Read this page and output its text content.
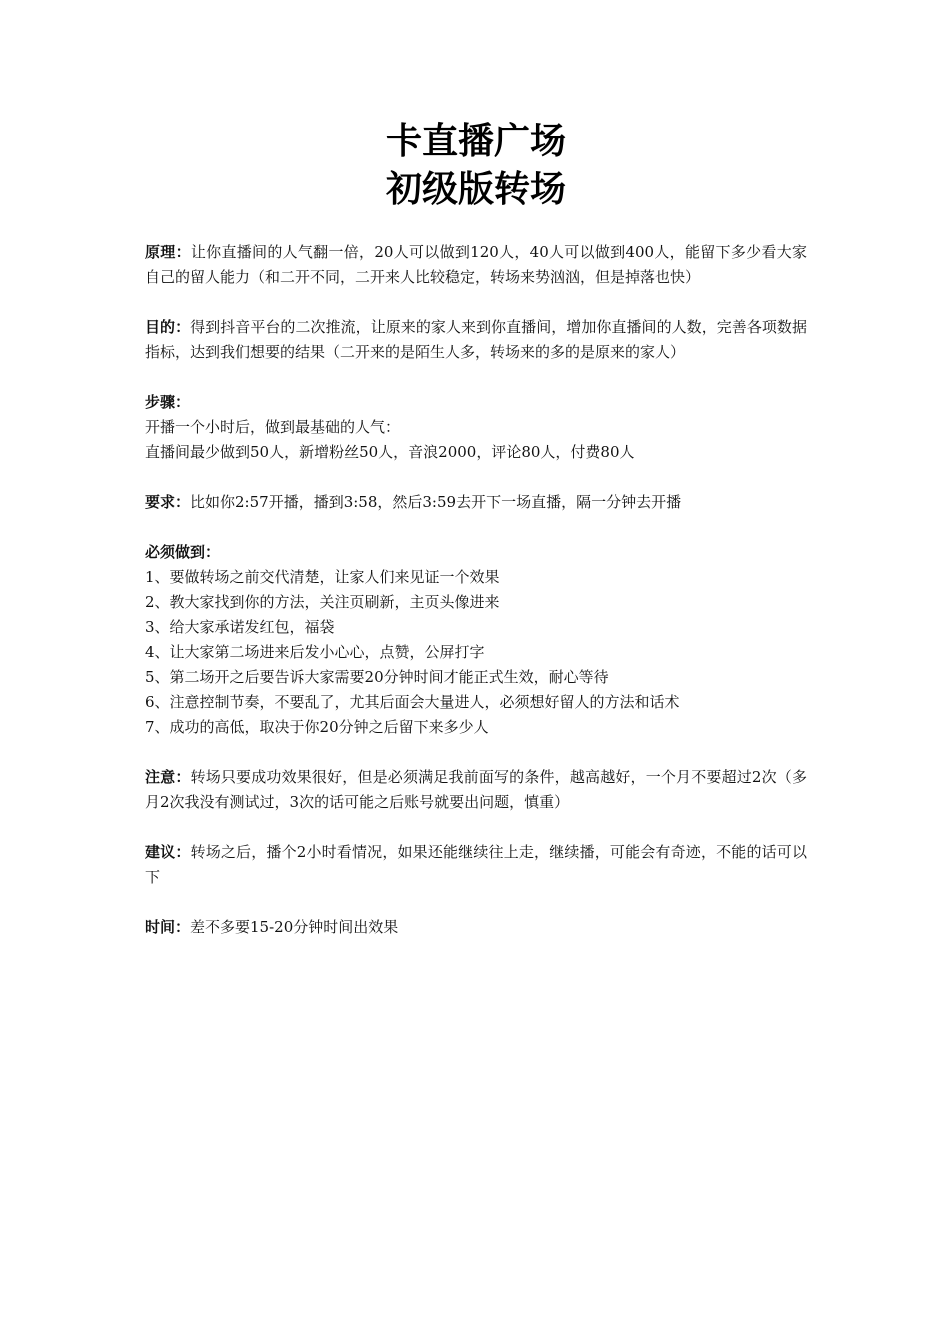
卡直播广场
初级版转场

原理：让你直播间的人气翻一倍，20人可以做到120人，40人可以做到400人，能留下多少看大家自己的留人能力（和二开不同，二开来人比较稳定，转场来势汹汹，但是掉落也快）

目的：得到抖音平台的二次推流，让原来的家人来到你直播间，增加你直播间的人数，完善各项数据指标，达到我们想要的结果（二开来的是陌生人多，转场来的多的是原来的家人）

步骤：
开播一个小时后，做到最基础的人气：
直播间最少做到50人，新增粉丝50人，音浪2000，评论80人，付费80人

要求：比如你2:57开播，播到3:58，然后3:59去开下一场直播，隔一分钟去开播

必须做到：
1、要做转场之前交代清楚，让家人们来见证一个效果
2、教大家找到你的方法，关注页刷新，主页头像进来
3、给大家承诺发红包，福袋
4、让大家第二场进来后发小心心，点赞，公屏打字
5、第二场开之后要告诉大家需要20分钟时间才能正式生效，耐心等待
6、注意控制节奏，不要乱了，尤其后面会大量进人，必须想好留人的方法和话术
7、成功的高低，取决于你20分钟之后留下来多少人

注意：转场只要成功效果很好，但是必须满足我前面写的条件，越高越好，一个月不要超过2次（多月2次我没有测试过，3次的话可能之后账号就要出问题，慎重）

建议：转场之后，播个2小时看情况，如果还能继续往上走，继续播，可能会有奇迹，不能的话可以下

时间：差不多要15-20分钟时间出效果
